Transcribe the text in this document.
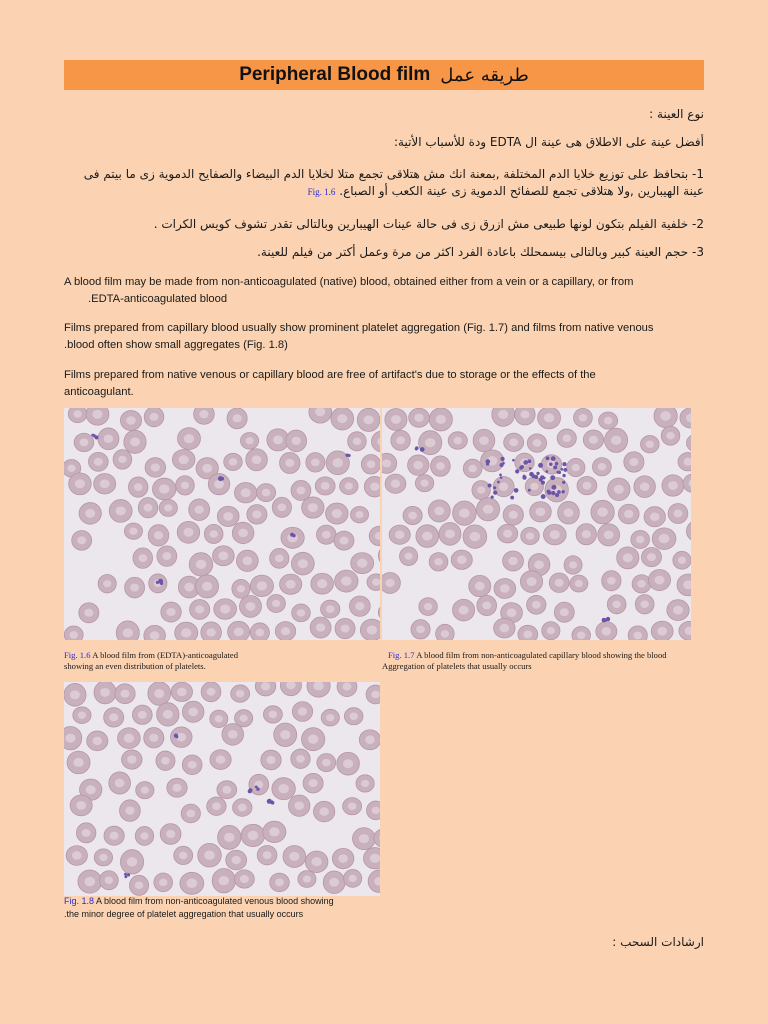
Peripheral Blood film طريقه عمل
نوع العينة :
أفضل عينة على الاطلاق هى عينة ال EDTA ودة للأسباب الأتية:
1- بتحافظ على توزيع خلايا الدم المختلفة ,بمعنة انك مش هتلاقى تجمع متلا لخلايا الدم البيضاء والصفايح الدموية زى ما بيتم فى عينة الهيبارين ,ولا هتلاقى تجمع للصفائح الدموية زى عينة الكعب أو الصباع. Fig. 1.6
2- خلفية الفيلم بتكون لونها طبيعى مش ازرق زى فى حالة عينات الهيبارين وبالتالى تقدر تشوف كويس الكرات .
3- حجم العينة كبير وبالتالى بيسمحلك باعادة الفرد اكثر من مرة وعمل أكتر من فيلم للعينة.
A blood film may be made from non-anticoagulated (native) blood, obtained either from a vein or a capillary, or from
.EDTA-anticoagulated blood
Films prepared from capillary blood usually show prominent platelet aggregation (Fig. 1.7) and films from native venous
.blood often show small aggregates (Fig. 1.8)
Films prepared from native venous or capillary blood are free of artifact's due to storage or the effects of the
anticoagulant.
Fig. 1.6 A blood film from (EDTA)-anticoagulated
showing an even distribution of platelets.
Fig. 1.7 A blood film from non-anticoagulated capillary blood showing the blood
Aggregation of platelets that usually occurs
Fig. 1.8 A blood film from non-anticoagulated venous blood showing
.the minor degree of platelet aggregation that usually occurs
ارشادات السحب :
